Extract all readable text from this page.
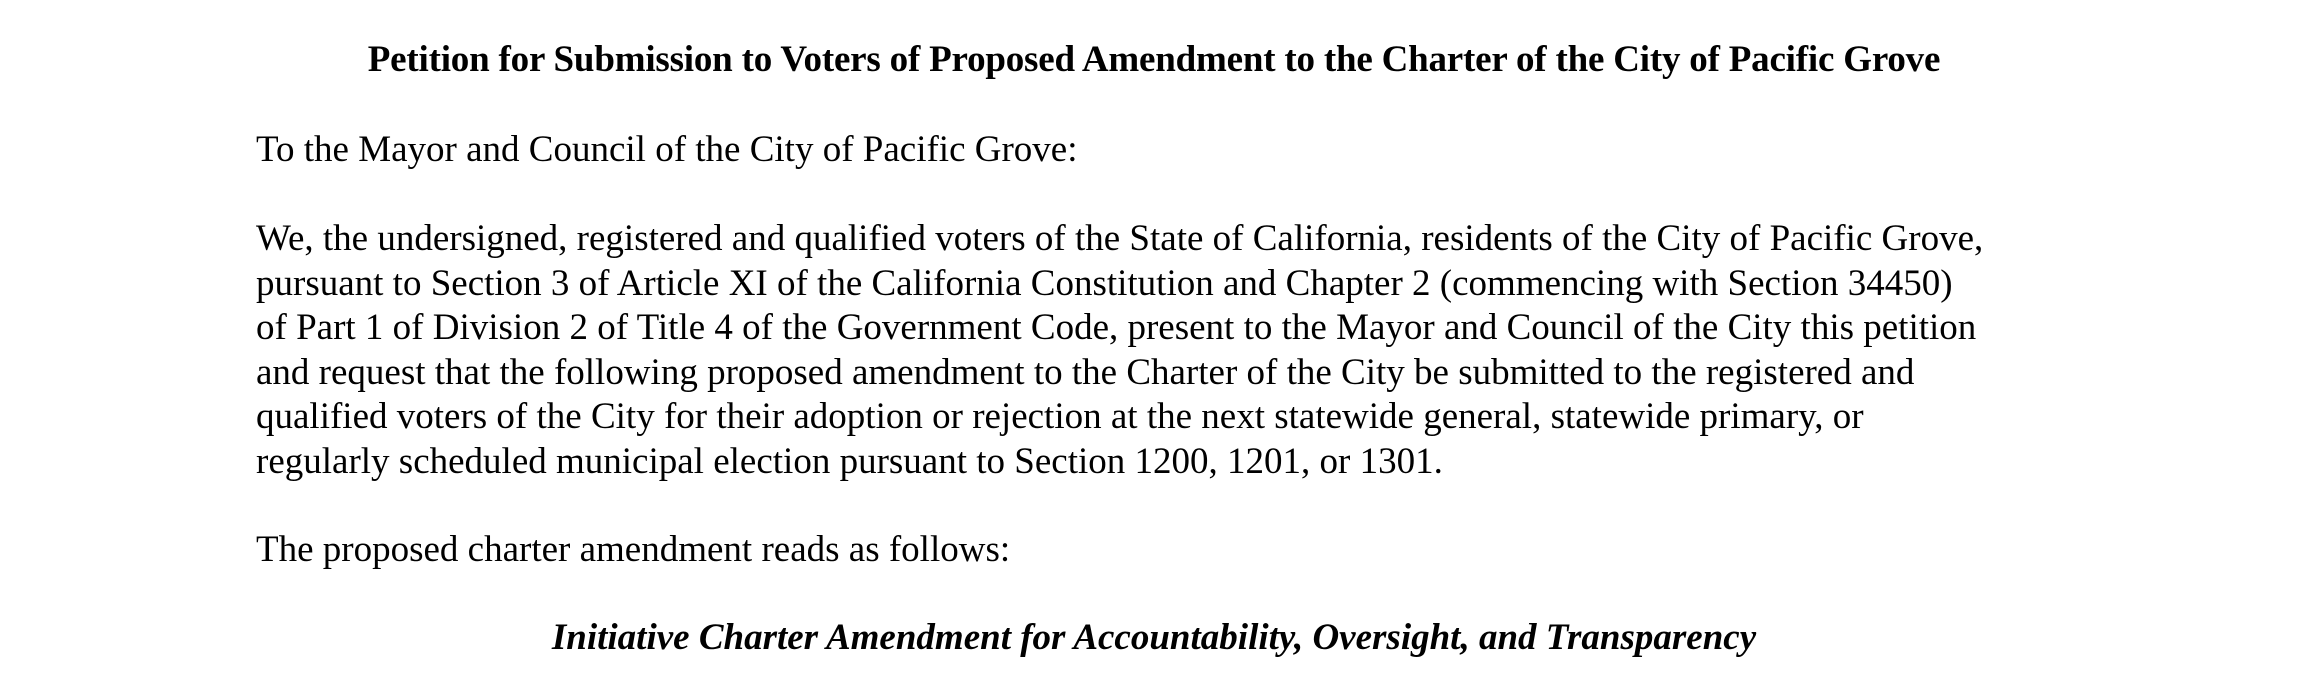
Petition for Submission to Voters of Proposed Amendment to the Charter of the City of Pacific Grove
To the Mayor and Council of the City of Pacific Grove:
We, the undersigned, registered and qualified voters of the State of California, residents of the City of Pacific Grove,
pursuant to Section 3 of Article XI of the California Constitution and Chapter 2 (commencing with Section 34450)
of Part 1 of Division 2 of Title 4 of the Government Code, present to the Mayor and Council of the City this petition
and request that the following proposed amendment to the Charter of the City be submitted to the registered and
qualified voters of the City for their adoption or rejection at the next statewide general, statewide primary, or
regularly scheduled municipal election pursuant to Section 1200, 1201, or 1301.
The proposed charter amendment reads as follows:
Initiative Charter Amendment for Accountability, Oversight, and Transparency
